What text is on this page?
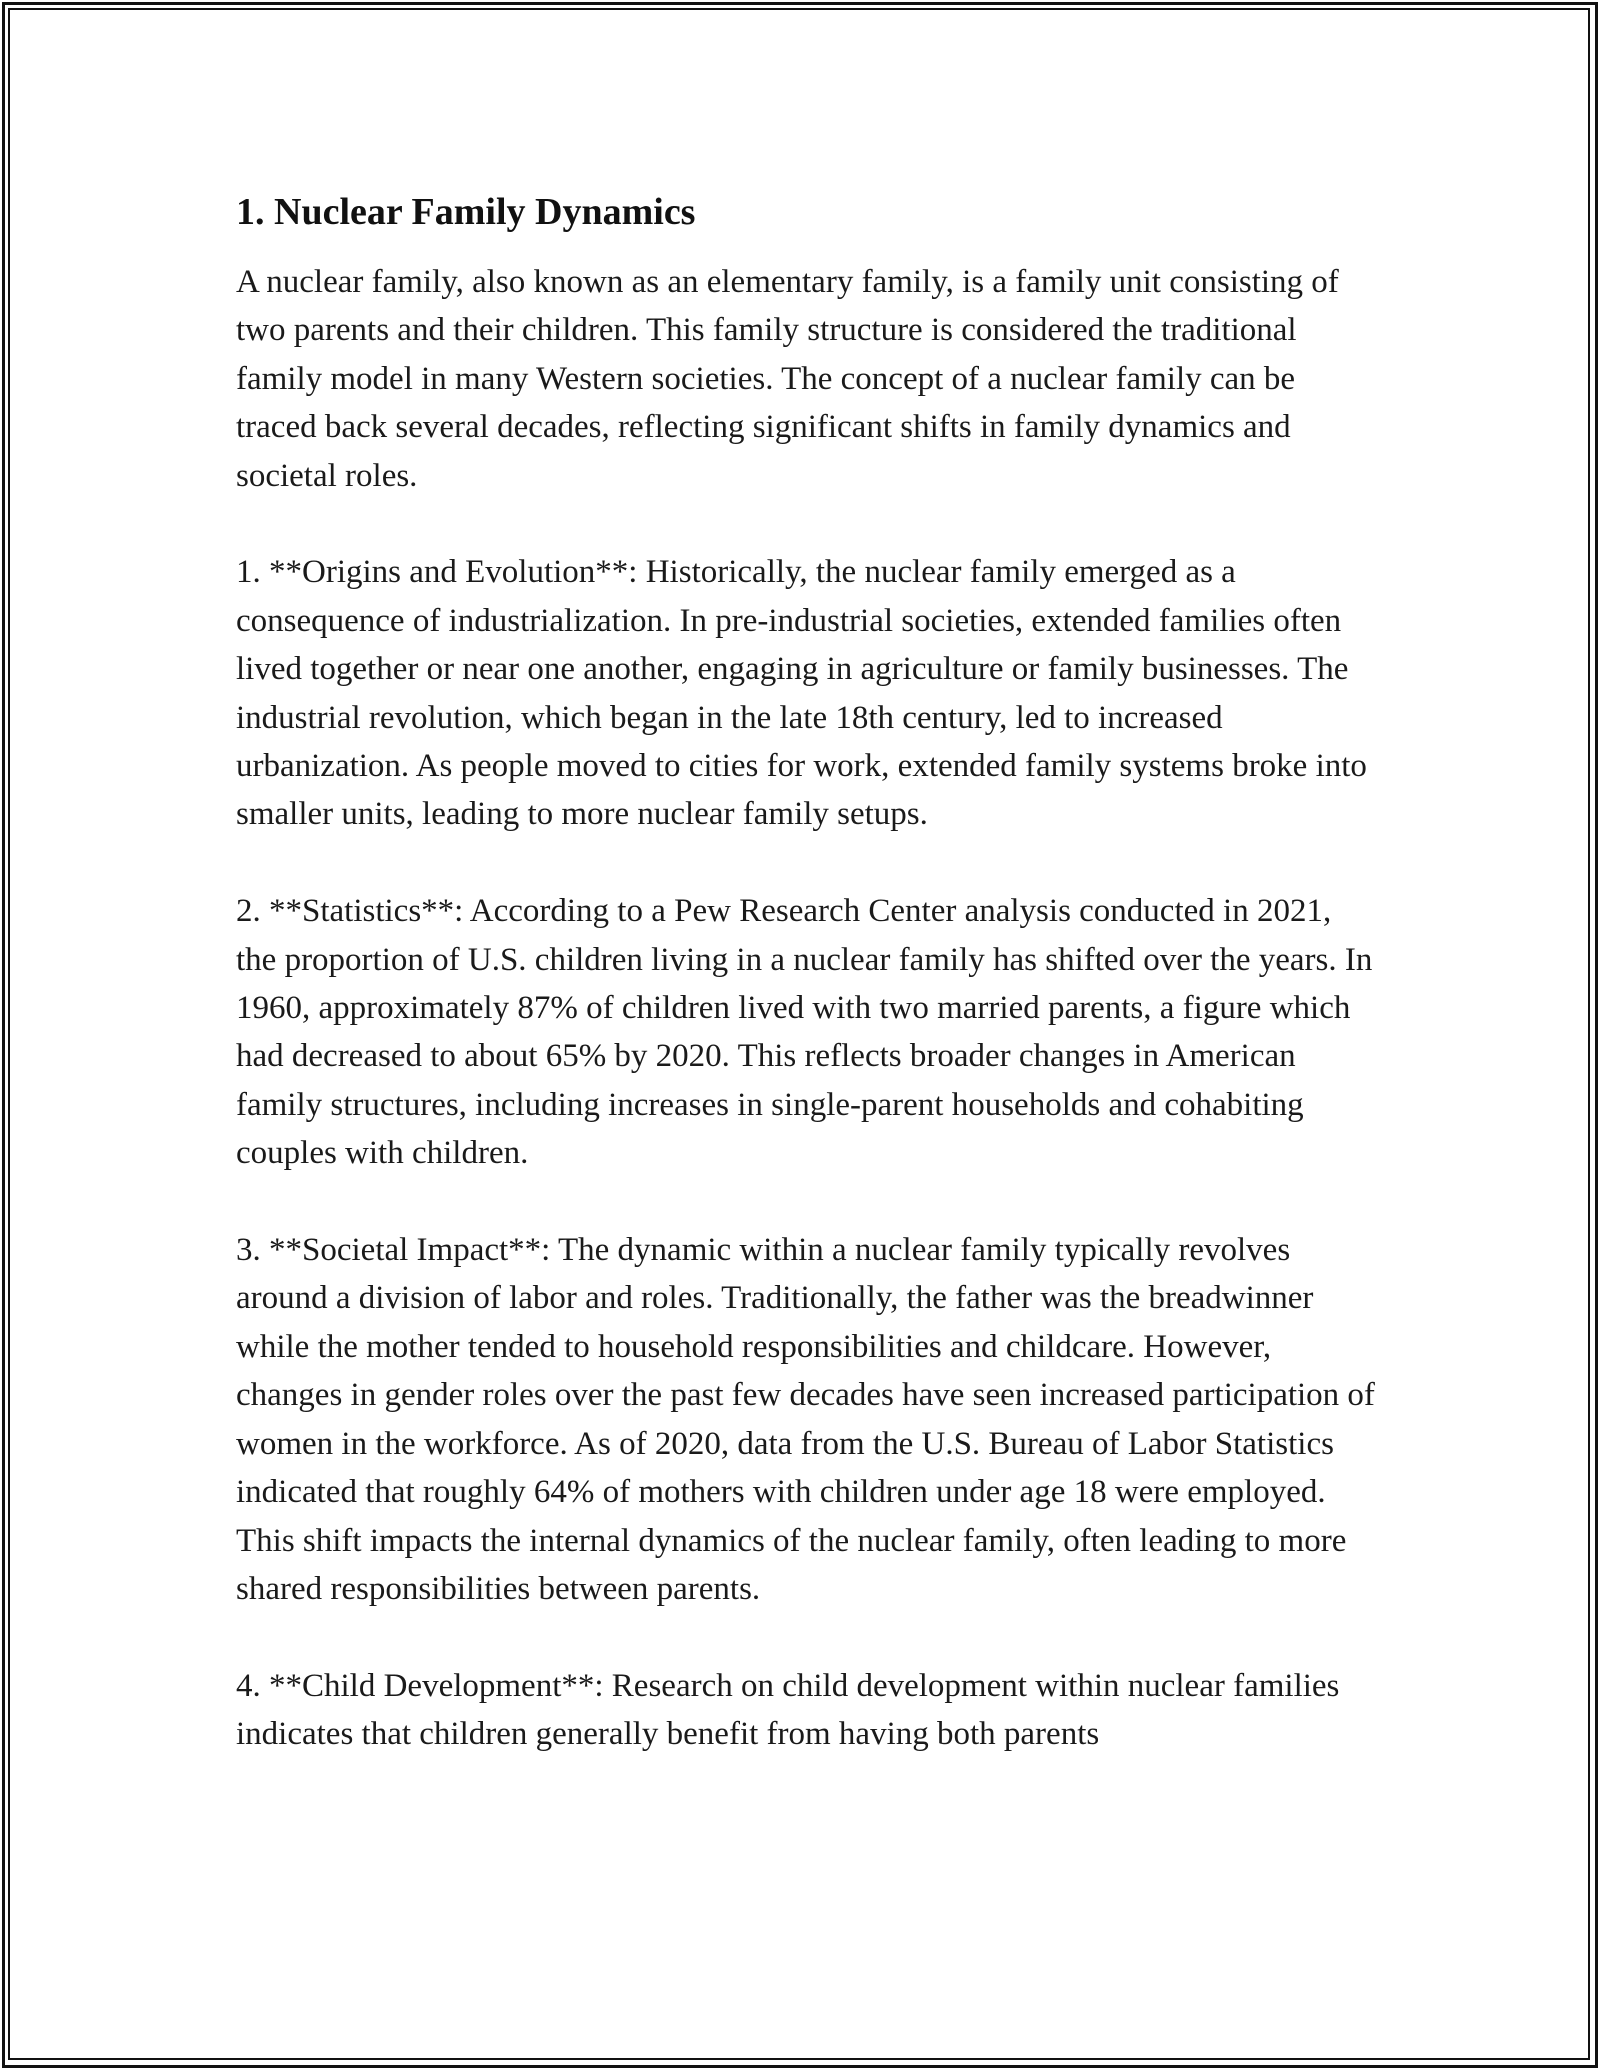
1. Nuclear Family Dynamics

A nuclear family, also known as an elementary family, is a family unit consisting of two parents and their children. This family structure is considered the traditional family model in many Western societies. The concept of a nuclear family can be traced back several decades, reflecting significant shifts in family dynamics and societal roles.

1. **Origins and Evolution**: Historically, the nuclear family emerged as a consequence of industrialization. In pre-industrial societies, extended families often lived together or near one another, engaging in agriculture or family businesses. The industrial revolution, which began in the late 18th century, led to increased urbanization. As people moved to cities for work, extended family systems broke into smaller units, leading to more nuclear family setups.

2. **Statistics**: According to a Pew Research Center analysis conducted in 2021, the proportion of U.S. children living in a nuclear family has shifted over the years. In 1960, approximately 87% of children lived with two married parents, a figure which had decreased to about 65% by 2020. This reflects broader changes in American family structures, including increases in single-parent households and cohabiting couples with children.

3. **Societal Impact**: The dynamic within a nuclear family typically revolves around a division of labor and roles. Traditionally, the father was the breadwinner while the mother tended to household responsibilities and childcare. However, changes in gender roles over the past few decades have seen increased participation of women in the workforce. As of 2020, data from the U.S. Bureau of Labor Statistics indicated that roughly 64% of mothers with children under age 18 were employed. This shift impacts the internal dynamics of the nuclear family, often leading to more shared responsibilities between parents.

4. **Child Development**: Research on child development within nuclear families indicates that children generally benefit from having both parents
